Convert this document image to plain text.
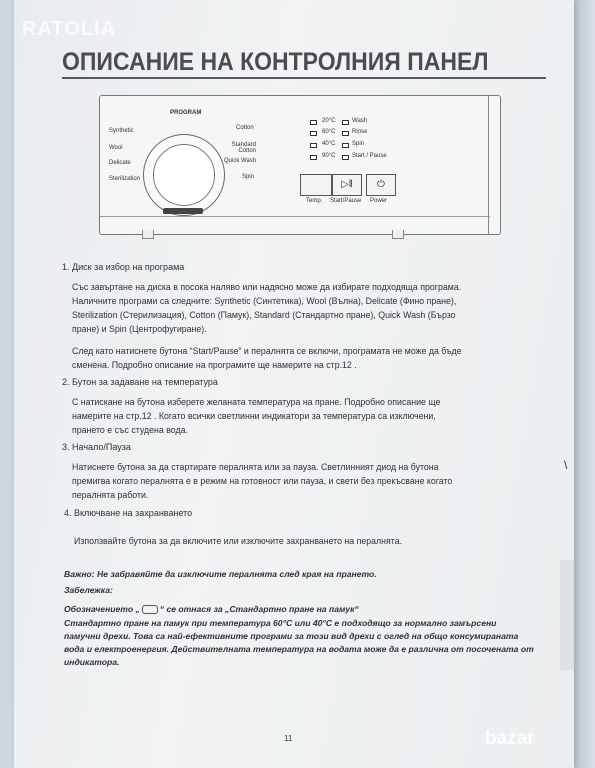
RATOLIA
ОПИСАНИЕ НА КОНТРОЛНИЯ ПАНЕЛ
PROGRAM
Synthetic
Wool
Delicate
Sterilization
Cotton
Standard Cotton
Quick Wash
Spin
20°C
60°C
40°C
90°C
Wash
Rinse
Spin
Start / Pause
▷‖	⏻
Temp. Start/Pause Power
1. Диск за избор на програма
Със завъртане на диска в посока наляво или надясно може да избирате подходяща програма.
Наличните програми са следните: Synthetic (Синтетика), Wool (Вълна), Delicate (Фино пране),
Sterilization (Стерилизация), Cotton (Памук), Standard (Стандартно пране), Quick Wash (Бързо
пране) и Spin (Центрофугиране).
След като натиснете бутона “Start/Pause” и пералнята се включи, програмата не може да бъде
сменена. Подробно описание на програмите ще намерите на стр.12 .
2. Бутон за задаване на температура
С натискане на бутона изберете желаната температура на пране. Подробно описание ще
намерите на стр.12 . Когато всички светлинни индикатори за температура са изключени,
прането е със студена вода.
3. Начало/Пауза
Натиснете бутона за да стартирате пералнята или за пауза. Светлинният диод на бутона
премигва когато пералнята е в режим на готовност или пауза, и свети без прекъсване когато
пералнята работи.
4. Включване на захранването
Използвайте бутона за да включите или изключите захранването на пералнята.
Важно: Не забравяйте да изключите пералнята след края на прането.
Забележка:
Обозначението „ “ се отнася за „Стандартно пране на памук“
Стандартно пране на памук при температура 60°C или 40°C е подходящо за нормално замърсени
памучни дрехи. Това са най-ефективните програми за този вид дрехи с оглед на общо консумираната
вода и електроенергия. Действителната температура на водата може да е различна от посочената от
индикатора.
\
11	bazar
